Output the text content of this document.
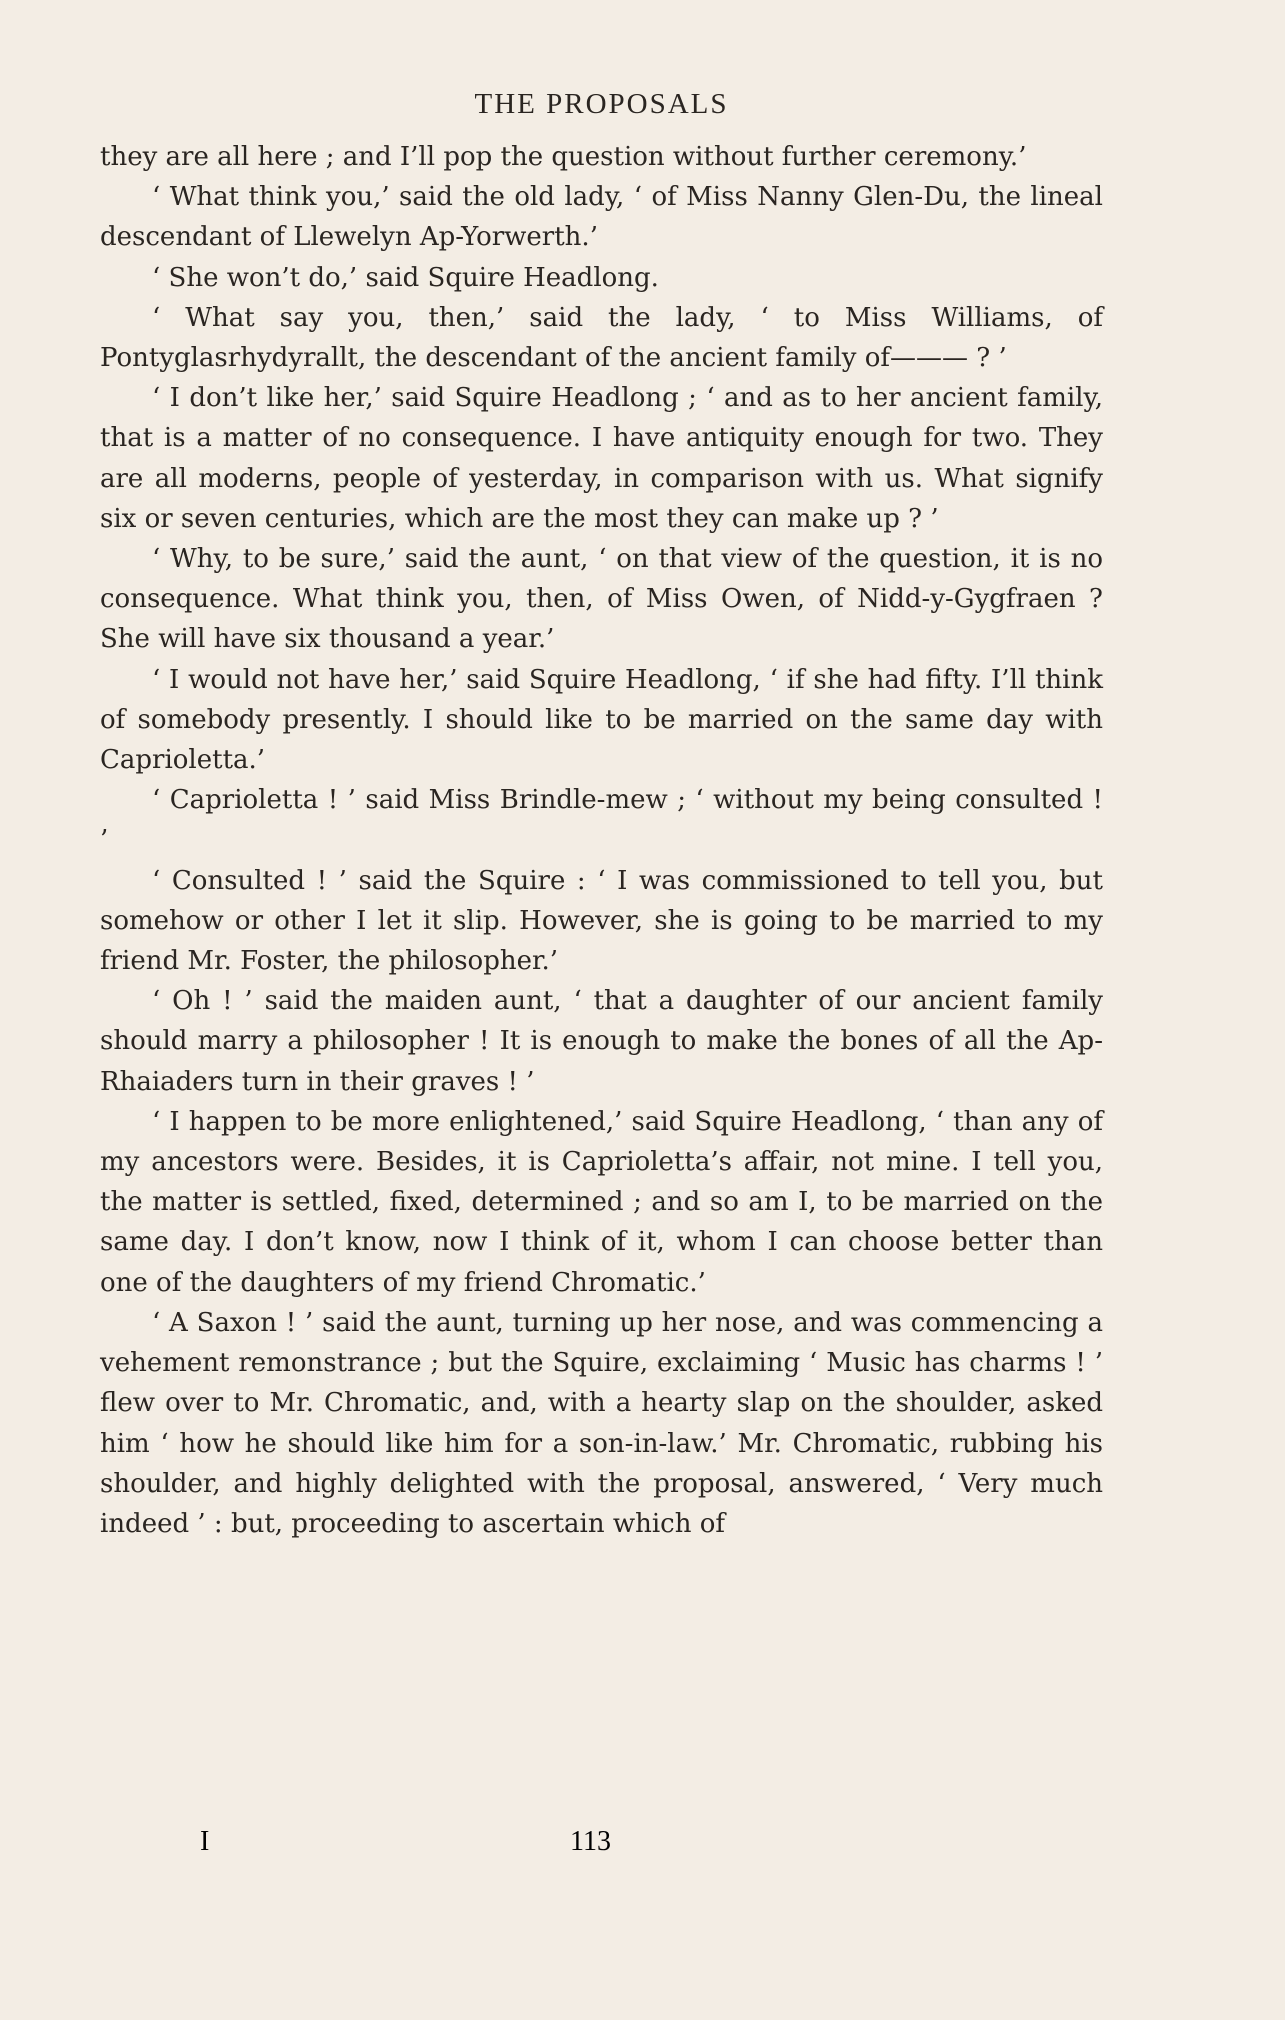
THE PROPOSALS

they are all here ; and I’ll pop the question without further ceremony.’

‘ What think you,’ said the old lady, ‘ of Miss Nanny Glen-Du, the lineal descendant of Llewelyn Ap-Yorwerth.’

‘ She won’t do,’ said Squire Headlong.

‘ What say you, then,’ said the lady, ‘ to Miss Williams, of Pontyglasrhydyrallt, the descendant of the ancient family of——— ? ’

‘ I don’t like her,’ said Squire Headlong ; ‘ and as to her ancient family, that is a matter of no consequence. I have antiquity enough for two. They are all moderns, people of yesterday, in comparison with us. What signify six or seven centuries, which are the most they can make up ? ’

‘ Why, to be sure,’ said the aunt, ‘ on that view of the question, it is no consequence. What think you, then, of Miss Owen, of Nidd-y-Gygfraen ? She will have six thousand a year.’

‘ I would not have her,’ said Squire Headlong, ‘ if she had fifty. I’ll think of somebody presently. I should like to be married on the same day with Caprioletta.’

‘ Caprioletta ! ’ said Miss Brindle-mew ; ‘ without my being consulted ! ’

‘ Consulted ! ’ said the Squire : ‘ I was commissioned to tell you, but somehow or other I let it slip. However, she is going to be married to my friend Mr. Foster, the philosopher.’

‘ Oh ! ’ said the maiden aunt, ‘ that a daughter of our ancient family should marry a philosopher ! It is enough to make the bones of all the Ap-Rhaiaders turn in their graves ! ’

‘ I happen to be more enlightened,’ said Squire Headlong, ‘ than any of my ancestors were. Besides, it is Caprioletta’s affair, not mine. I tell you, the matter is settled, fixed, determined ; and so am I, to be married on the same day. I don’t know, now I think of it, whom I can choose better than one of the daughters of my friend Chromatic.’

‘ A Saxon ! ’ said the aunt, turning up her nose, and was commencing a vehement remonstrance ; but the Squire, exclaiming ‘ Music has charms ! ’ flew over to Mr. Chromatic, and, with a hearty slap on the shoulder, asked him ‘ how he should like him for a son-in-law.’ Mr. Chromatic, rubbing his shoulder, and highly delighted with the proposal, answered, ‘ Very much indeed ’ : but, proceeding to ascertain which of

I	113
